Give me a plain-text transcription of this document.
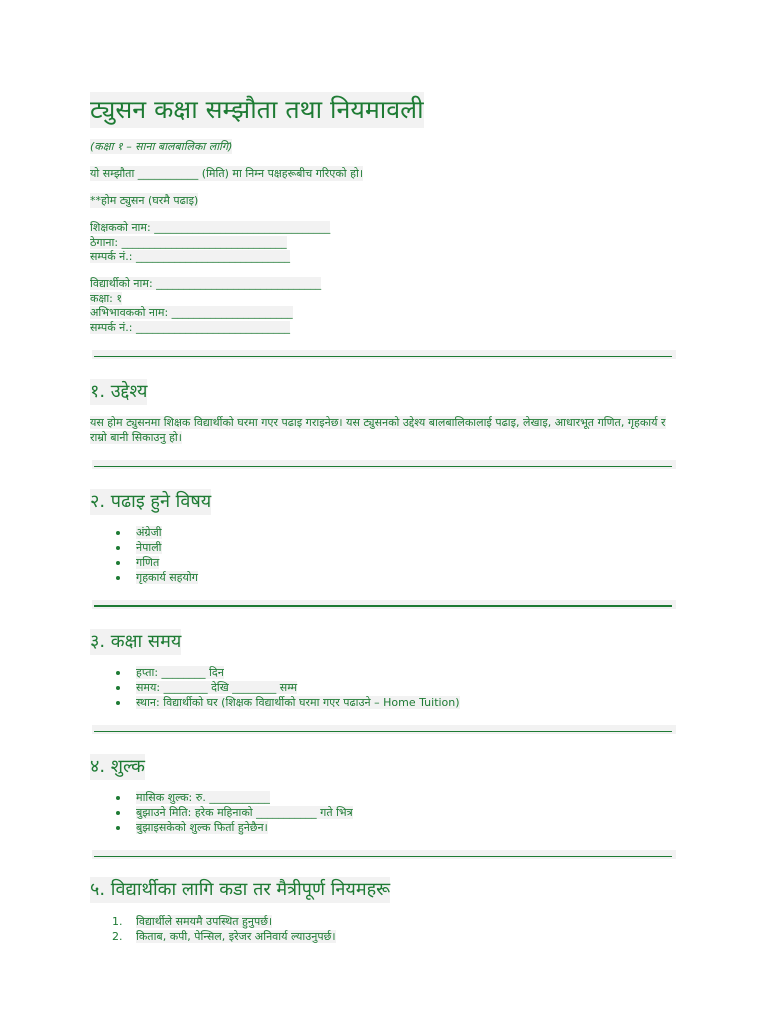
ट्युसन कक्षा सम्झौता तथा नियमावली
(कक्षा १ – साना बालबालिका लागि)
यो सम्झौता ___________ (मिति) मा निम्न पक्षहरूबीच गरिएको हो।
**होम ट्युसन (घरमै पढाइ)
शिक्षकको नाम: ________________________________
ठेगाना: ______________________________
सम्पर्क नं.: ____________________________
विद्यार्थीको नाम: ______________________________
कक्षा: १
अभिभावकको नाम: ______________________
सम्पर्क नं.: ____________________________
१. उद्देश्य
यस होम ट्युसनमा शिक्षक विद्यार्थीको घरमा गएर पढाइ गराइनेछ। यस ट्युसनको उद्देश्य बालबालिकालाई पढाइ, लेखाइ, आधारभूत गणित, गृहकार्य र राम्रो बानी सिकाउनु हो।
२. पढाइ हुने विषय
अंग्रेजी
नेपाली
गणित
गृहकार्य सहयोग
३. कक्षा समय
हप्ता: ________ दिन
समय: ________ देखि ________ सम्म
स्थान: विद्यार्थीको घर (शिक्षक विद्यार्थीको घरमा गएर पढाउने – Home Tuition)
४. शुल्क
मासिक शुल्क: रु. ___________
बुझाउने मिति: हरेक महिनाको ___________ गते भित्र
बुझाइसकेको शुल्क फिर्ता हुनेछैन।
५. विद्यार्थीका लागि कडा तर मैत्रीपूर्ण नियमहरू
1. विद्यार्थीले समयमै उपस्थित हुनुपर्छ।
2. किताब, कपी, पेन्सिल, इरेजर अनिवार्य ल्याउनुपर्छ।
